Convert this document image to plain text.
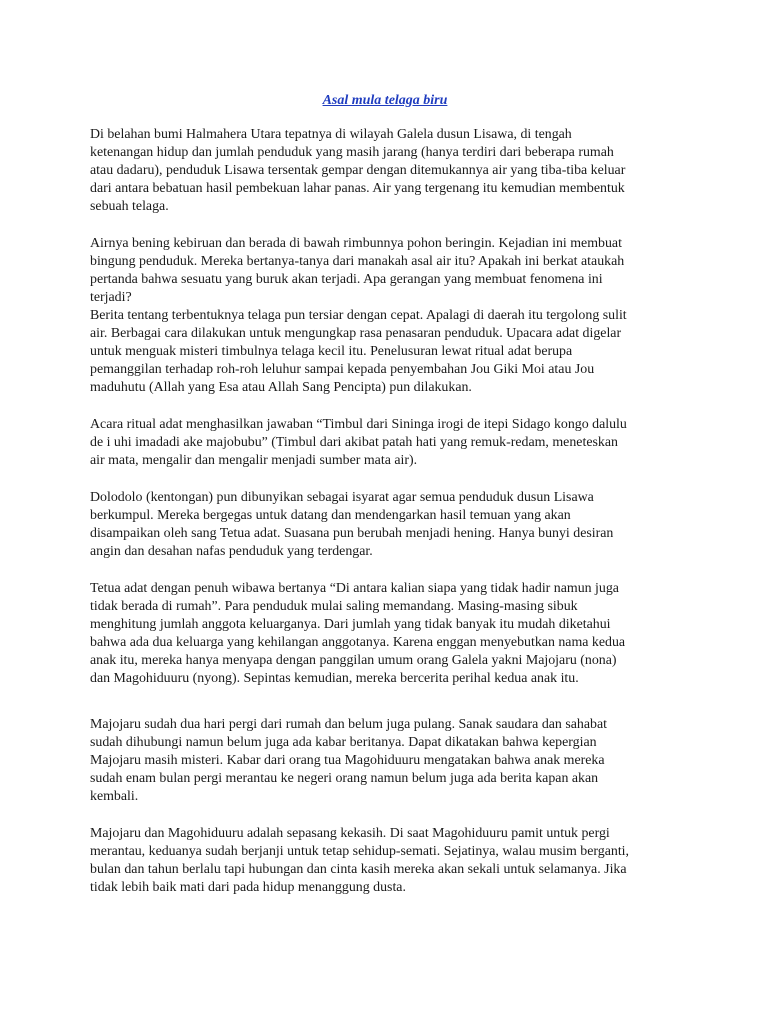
Asal mula telaga biru

Di belahan bumi Halmahera Utara tepatnya di wilayah Galela dusun Lisawa, di tengah
ketenangan hidup dan jumlah penduduk yang masih jarang (hanya terdiri dari beberapa rumah
atau dadaru), penduduk Lisawa tersentak gempar dengan ditemukannya air yang tiba-tiba keluar
dari antara bebatuan hasil pembekuan lahar panas. Air yang tergenang itu kemudian membentuk
sebuah telaga.
Airnya bening kebiruan dan berada di bawah rimbunnya pohon beringin. Kejadian ini membuat
bingung penduduk. Mereka bertanya-tanya dari manakah asal air itu? Apakah ini berkat ataukah
pertanda bahwa sesuatu yang buruk akan terjadi. Apa gerangan yang membuat fenomena ini
terjadi?
Berita tentang terbentuknya telaga pun tersiar dengan cepat. Apalagi di daerah itu tergolong sulit
air. Berbagai cara dilakukan untuk mengungkap rasa penasaran penduduk. Upacara adat digelar
untuk menguak misteri timbulnya telaga kecil itu. Penelusuran lewat ritual adat berupa
pemanggilan terhadap roh-roh leluhur sampai kepada penyembahan Jou Giki Moi atau Jou
maduhutu (Allah yang Esa atau Allah Sang Pencipta) pun dilakukan.
Acara ritual adat menghasilkan jawaban “Timbul dari Sininga irogi de itepi Sidago kongo dalulu
de i uhi imadadi ake majobubu” (Timbul dari akibat patah hati yang remuk-redam, meneteskan
air mata, mengalir dan mengalir menjadi sumber mata air).
Dolodolo (kentongan) pun dibunyikan sebagai isyarat agar semua penduduk dusun Lisawa
berkumpul. Mereka bergegas untuk datang dan mendengarkan hasil temuan yang akan
disampaikan oleh sang Tetua adat. Suasana pun berubah menjadi hening. Hanya bunyi desiran
angin dan desahan nafas penduduk yang terdengar.
Tetua adat dengan penuh wibawa bertanya “Di antara kalian siapa yang tidak hadir namun juga
tidak berada di rumah”. Para penduduk mulai saling memandang. Masing-masing sibuk
menghitung jumlah anggota keluarganya. Dari jumlah yang tidak banyak itu mudah diketahui
bahwa ada dua keluarga yang kehilangan anggotanya. Karena enggan menyebutkan nama kedua
anak itu, mereka hanya menyapa dengan panggilan umum orang Galela yakni Majojaru (nona)
dan Magohiduuru (nyong). Sepintas kemudian, mereka bercerita perihal kedua anak itu.
Majojaru sudah dua hari pergi dari rumah dan belum juga pulang. Sanak saudara dan sahabat
sudah dihubungi namun belum juga ada kabar beritanya. Dapat dikatakan bahwa kepergian
Majojaru masih misteri. Kabar dari orang tua Magohiduuru mengatakan bahwa anak mereka
sudah enam bulan pergi merantau ke negeri orang namun belum juga ada berita kapan akan
kembali.
Majojaru dan Magohiduuru adalah sepasang kekasih. Di saat Magohiduuru pamit untuk pergi
merantau, keduanya sudah berjanji untuk tetap sehidup-semati. Sejatinya, walau musim berganti,
bulan dan tahun berlalu tapi hubungan dan cinta kasih mereka akan sekali untuk selamanya. Jika
tidak lebih baik mati dari pada hidup menanggung dusta.
